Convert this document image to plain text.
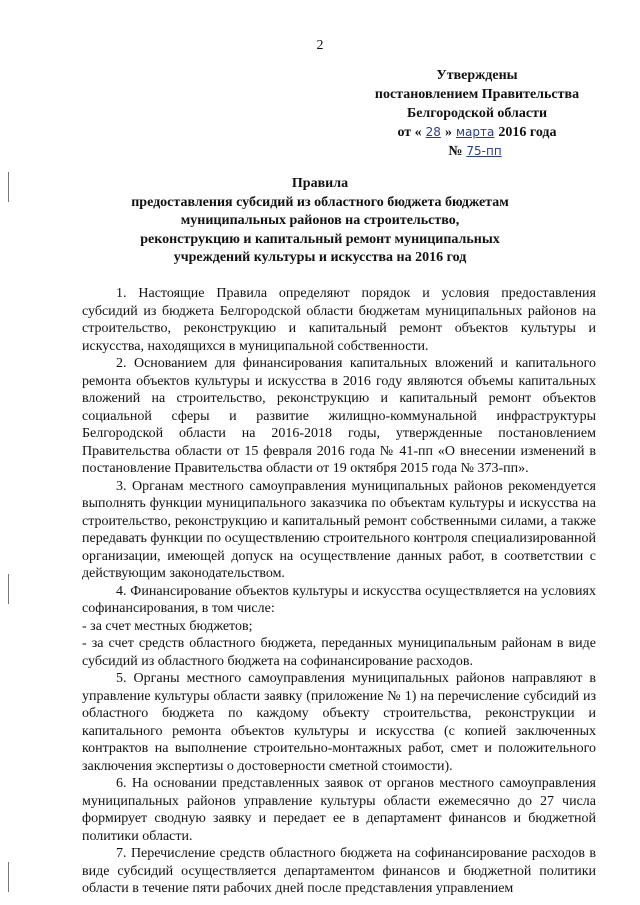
2
Утверждены
постановлением Правительства
Белгородской области
от « 28 » марта 2016 года
№ 75-пп
Правила
предоставления субсидий из областного бюджета бюджетам
муниципальных районов на строительство,
реконструкцию и капитальный ремонт муниципальных
учреждений культуры и искусства на 2016 год

1. Настоящие Правила определяют порядок и условия предоставления субсидий из бюджета Белгородской области бюджетам муниципальных районов на строительство, реконструкцию и капитальный ремонт объектов культуры и искусства, находящихся в муниципальной собственности.

2. Основанием для финансирования капитальных вложений и капитального ремонта объектов культуры и искусства в 2016 году являются объемы капитальных вложений на строительство, реконструкцию и капитальный ремонт объектов социальной сферы и развитие жилищно-коммунальной инфраструктуры Белгородской области на 2016-2018 годы, утвержденные постановлением Правительства области от 15 февраля 2016 года № 41-пп «О внесении изменений в постановление Правительства области от 19 октября 2015 года № 373-пп».

3. Органам местного самоуправления муниципальных районов рекомендуется выполнять функции муниципального заказчика по объектам культуры и искусства на строительство, реконструкцию и капитальный ремонт собственными силами, а также передавать функции по осуществлению строительного контроля специализированной организации, имеющей допуск на осуществление данных работ, в соответствии с действующим законодательством.

4. Финансирование объектов культуры и искусства осуществляется на условиях софинансирования, в том числе:

- за счет местных бюджетов;

- за счет средств областного бюджета, переданных муниципальным районам в виде субсидий из областного бюджета на софинансирование расходов.

5. Органы местного самоуправления муниципальных районов направляют в управление культуры области заявку (приложение № 1) на перечисление субсидий из областного бюджета по каждому объекту строительства, реконструкции и капитального ремонта объектов культуры и искусства (с копией заключенных контрактов на выполнение строительно-монтажных работ, смет и положительного заключения экспертизы о достоверности сметной стоимости).

6. На основании представленных заявок от органов местного самоуправления муниципальных районов управление культуры области ежемесячно до 27 числа формирует сводную заявку и передает ее в департамент финансов и бюджетной политики области.

7. Перечисление средств областного бюджета на софинансирование расходов в виде субсидий осуществляется департаментом финансов и бюджетной политики области в течение пяти рабочих дней после представления управлением
